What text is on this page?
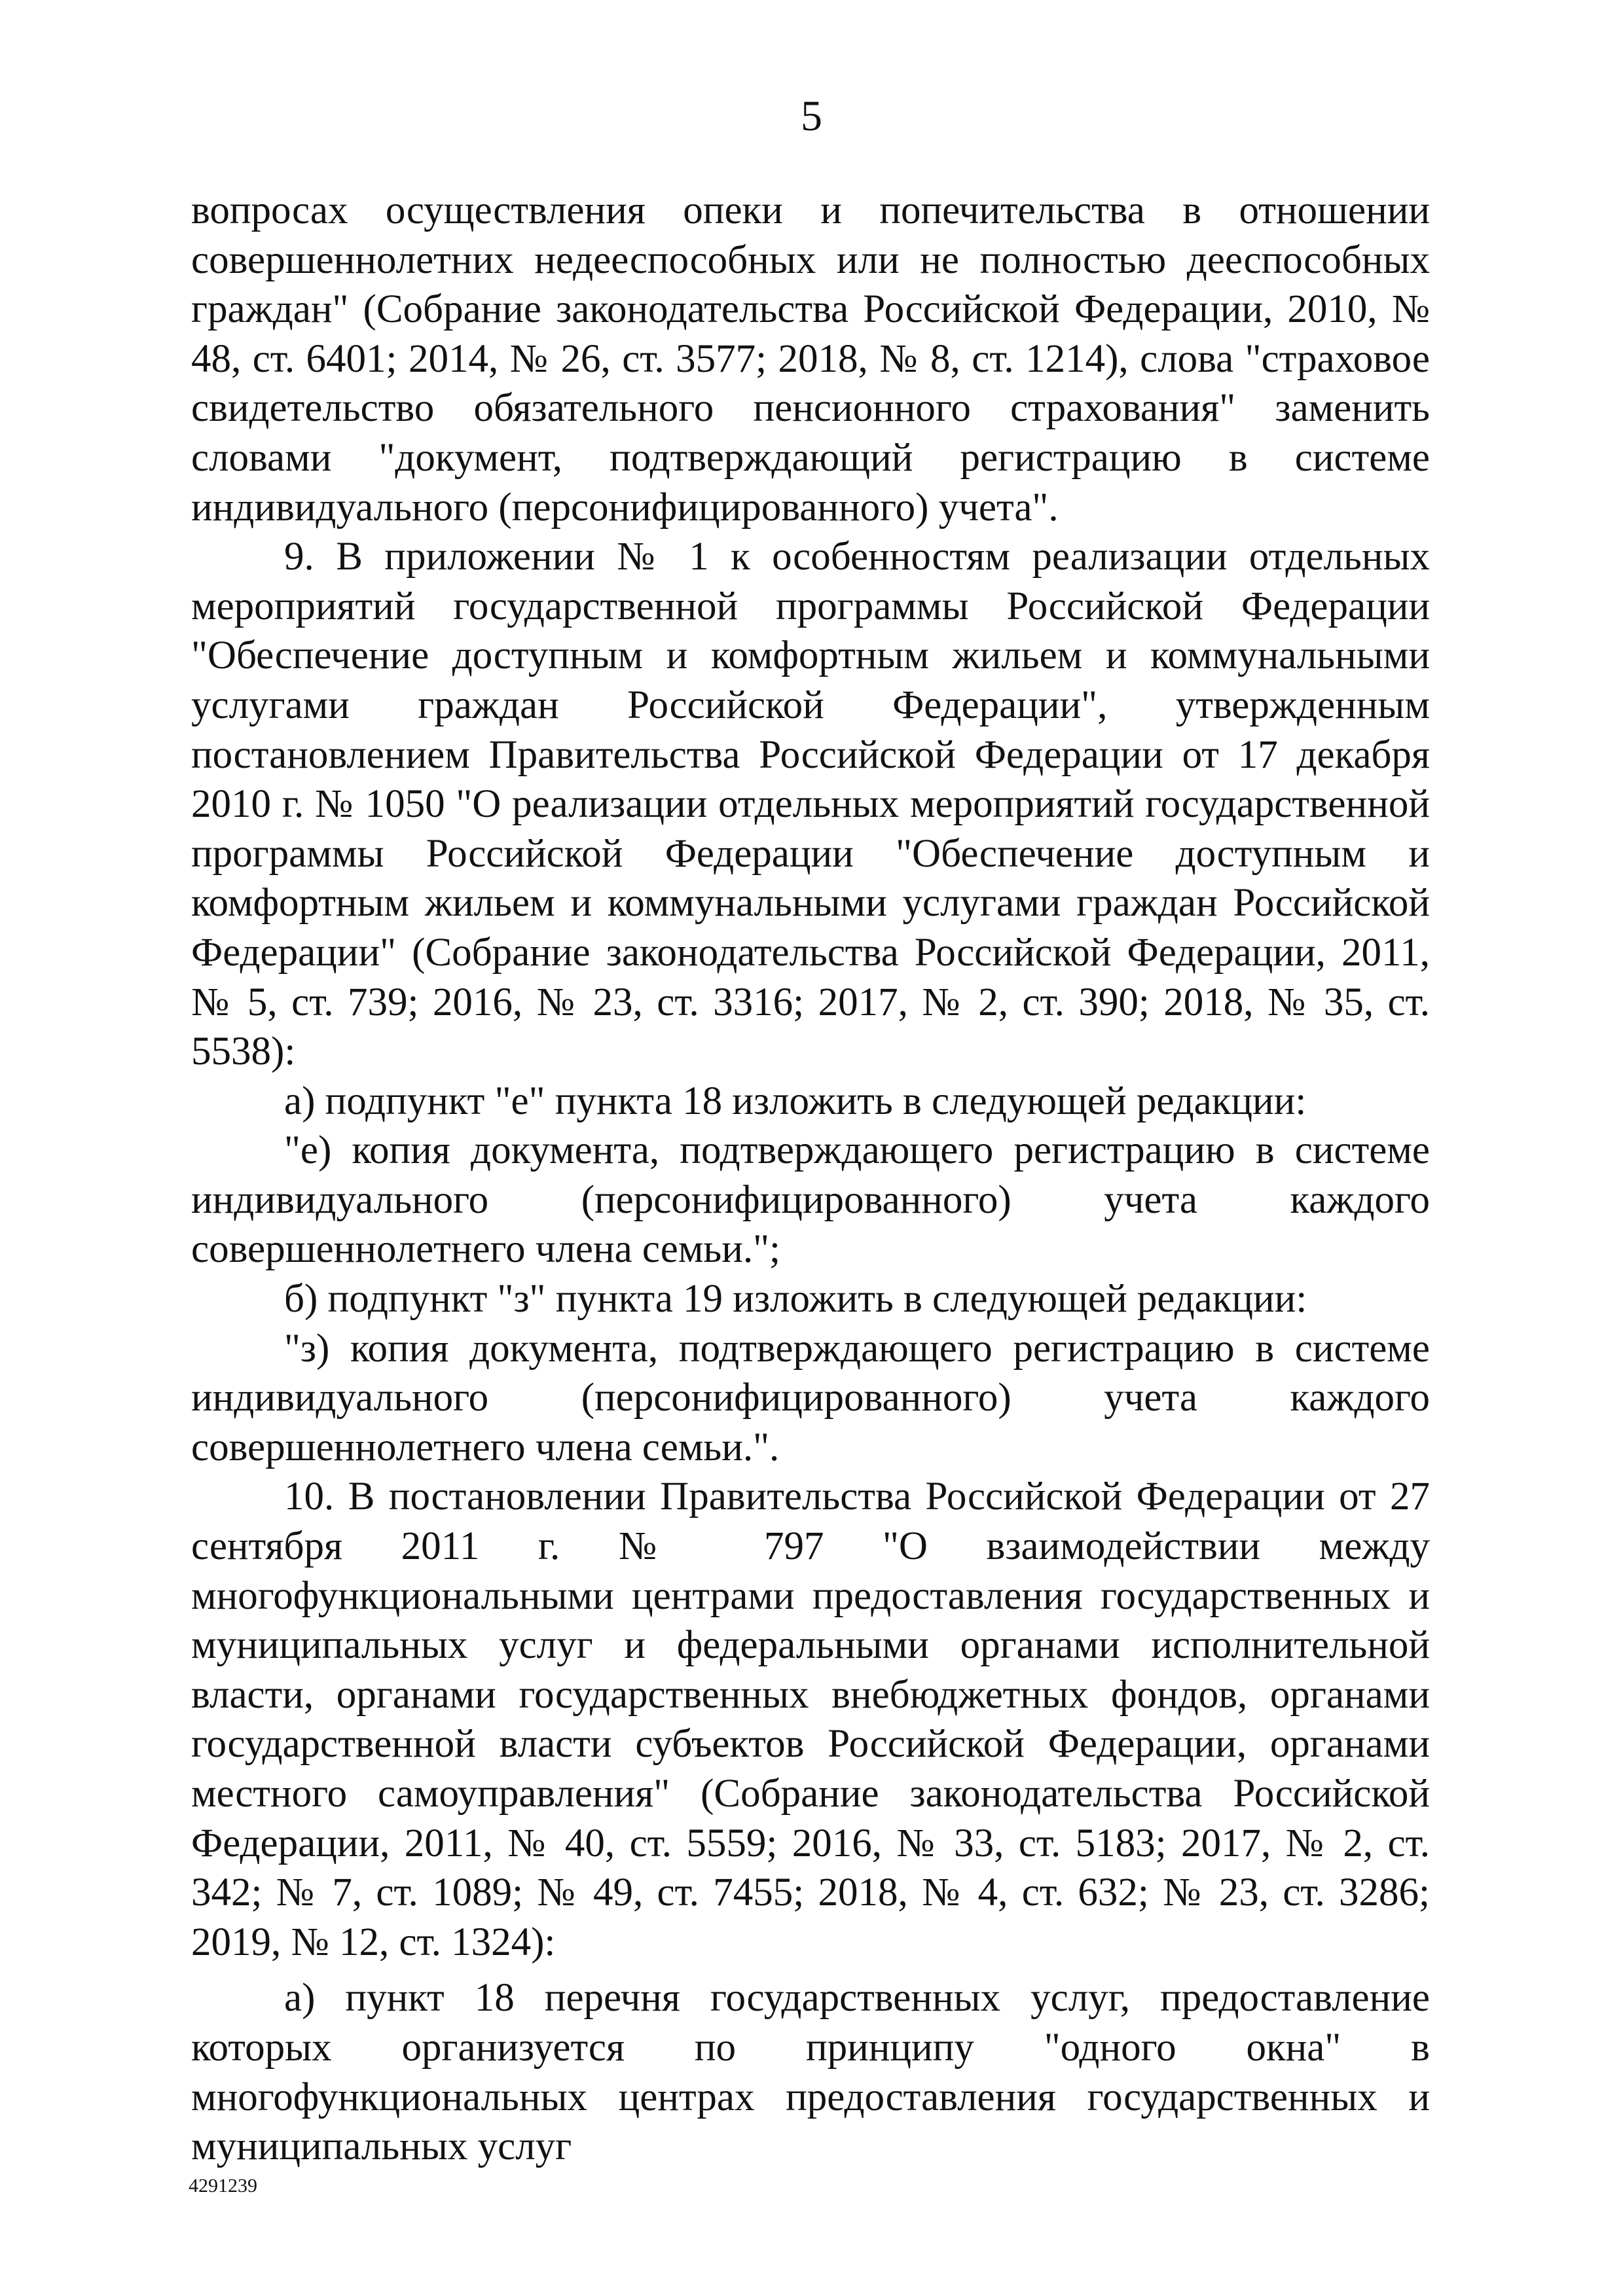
5

вопросах осуществления опеки и попечительства в отношении совершеннолетних недееспособных или не полностью дееспособных граждан" (Собрание законодательства Российской Федерации, 2010, № 48, ст. 6401; 2014, № 26, ст. 3577; 2018, № 8, ст. 1214), слова "страховое свидетельство обязательного пенсионного страхования" заменить словами "документ, подтверждающий регистрацию в системе индивидуального (персонифицированного) учета".

9. В приложении № 1 к особенностям реализации отдельных мероприятий государственной программы Российской Федерации "Обеспечение доступным и комфортным жильем и коммунальными услугами граждан Российской Федерации", утвержденным постановлением Правительства Российской Федерации от 17 декабря 2010 г. № 1050 "О реализации отдельных мероприятий государственной программы Российской Федерации "Обеспечение доступным и комфортным жильем и коммунальными услугами граждан Российской Федерации" (Собрание законодательства Российской Федерации, 2011, № 5, ст. 739; 2016, № 23, ст. 3316; 2017, № 2, ст. 390; 2018, № 35, ст. 5538):

а) подпункт "е" пункта 18 изложить в следующей редакции:

"е) копия документа, подтверждающего регистрацию в системе индивидуального (персонифицированного) учета каждого совершеннолетнего члена семьи.";

б) подпункт "з" пункта 19 изложить в следующей редакции:

"з) копия документа, подтверждающего регистрацию в системе индивидуального (персонифицированного) учета каждого совершеннолетнего члена семьи.".

10. В постановлении Правительства Российской Федерации от 27 сентября 2011 г. № 797 "О взаимодействии между многофункциональными центрами предоставления государственных и муниципальных услуг и федеральными органами исполнительной власти, органами государственных внебюджетных фондов, органами государственной власти субъектов Российской Федерации, органами местного самоуправления" (Собрание законодательства Российской Федерации, 2011, № 40, ст. 5559; 2016, № 33, ст. 5183; 2017, № 2, ст. 342; № 7, ст. 1089; № 49, ст. 7455; 2018, № 4, ст. 632; № 23, ст. 3286; 2019, № 12, ст. 1324):

а) пункт 18 перечня государственных услуг, предоставление которых организуется по принципу "одного окна" в многофункциональных центрах предоставления государственных и муниципальных услуг

4291239
